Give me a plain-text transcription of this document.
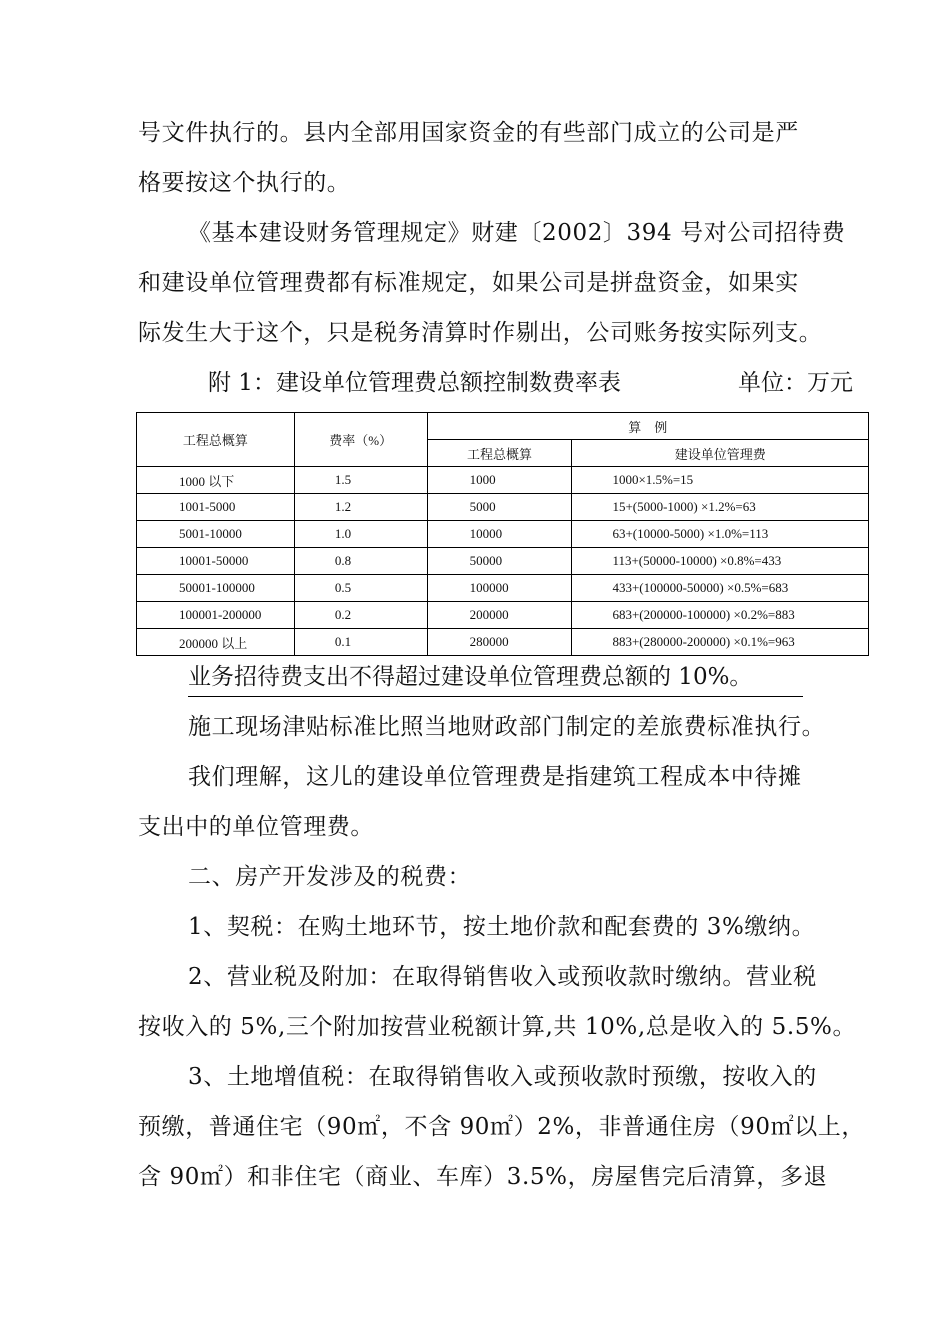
号文件执行的。县内全部用国家资金的有些部门成立的公司是严
格要按这个执行的。
《基本建设财务管理规定》财建〔2002〕394 号对公司招待费
和建设单位管理费都有标准规定，如果公司是拼盘资金，如果实
际发生大于这个，只是税务清算时作剔出，公司账务按实际列支。
附 1：建设单位管理费总额控制数费率表	单位：万元
工程总概算	费率（%）	算　例	
		工程总概算	建设单位管理费
1000 以下	1.5	1000	1000×1.5%=15
1001-5000	1.2	5000	15+(5000-1000) ×1.2%=63
5001-10000	1.0	10000	63+(10000-5000) ×1.0%=113
10001-50000	0.8	50000	113+(50000-10000) ×0.8%=433
50001-100000	0.5	100000	433+(100000-50000) ×0.5%=683
100001-200000	0.2	200000	683+(200000-100000) ×0.2%=883
200000 以上	0.1	280000	883+(280000-200000) ×0.1%=963
业务招待费支出不得超过建设单位管理费总额的 10%。
施工现场津贴标准比照当地财政部门制定的差旅费标准执行。
我们理解，这儿的建设单位管理费是指建筑工程成本中待摊
支出中的单位管理费。
二、房产开发涉及的税费：
1、契税：在购土地环节，按土地价款和配套费的 3%缴纳。
2、营业税及附加：在取得销售收入或预收款时缴纳。营业税
按收入的 5%,三个附加按营业税额计算,共 10%,总是收入的 5.5%。
3、土地增值税：在取得销售收入或预收款时预缴，按收入的
预缴，普通住宅（90㎡，不含 90㎡）2%，非普通住房（90㎡以上，
含 90㎡）和非住宅（商业、车库）3.5%，房屋售完后清算，多退
